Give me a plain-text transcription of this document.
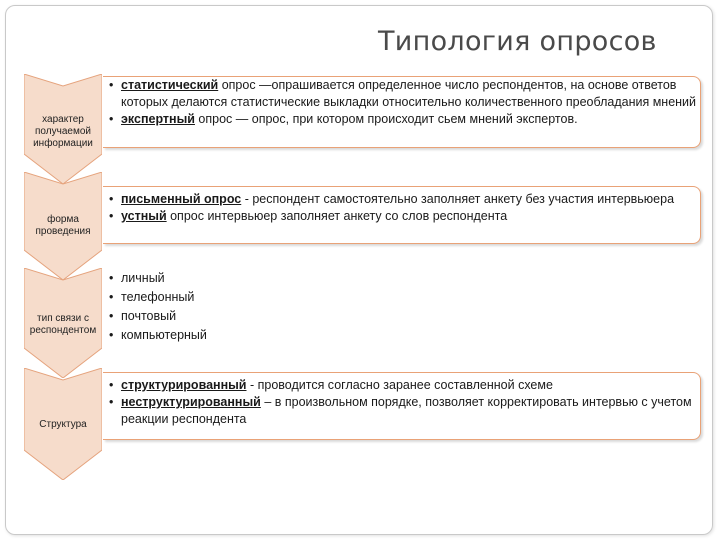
Типология опросов
характер получаемой информации
• статистический опрос —опрашивается определенное число респондентов, на основе ответов которых делаются статистические выкладки относительно количественного преобладания мнений
• экспертный опрос — опрос, при котором происходит сьем мнений экспертов.
форма проведения
• письменный опрос - респондент самостоятельно заполняет анкету без участия интервьюера
• устный опрос интервьюер заполняет анкету со слов респондента
тип связи с респондентом
• личный
• телефонный
• почтовый
• компьютерный
Структура
• структурированный - проводится согласно заранее составленной схеме
• неструктурированный – в произвольном порядке, позволяет корректировать интервью с учетом реакции респондента
